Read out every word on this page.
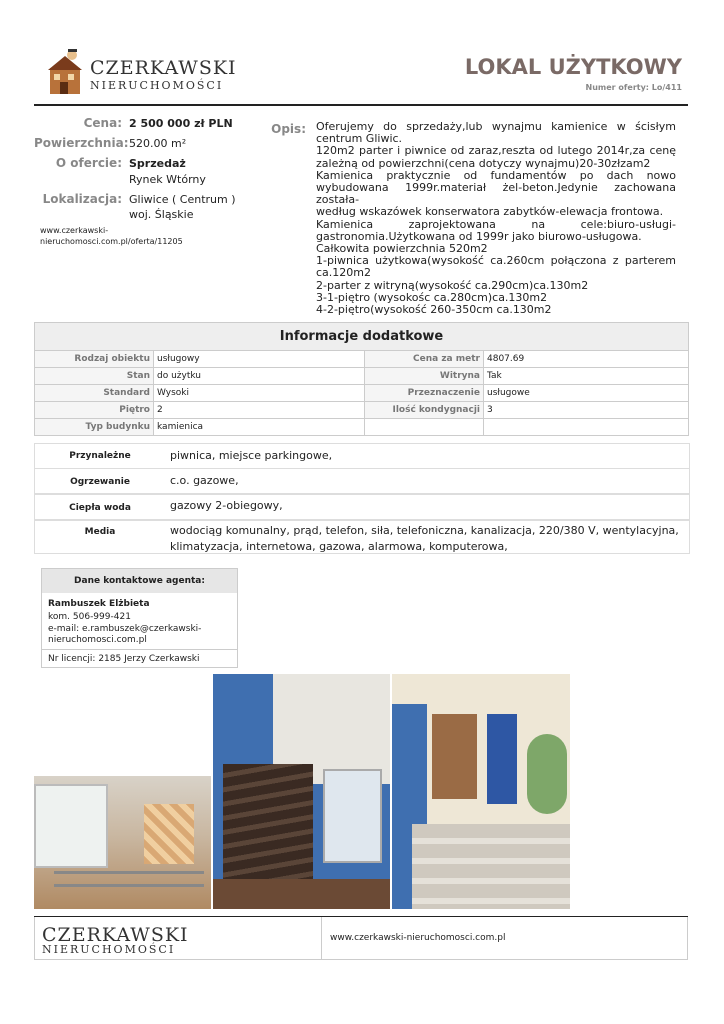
CZERKAWSKI
NIERUCHOMOŚCI
LOKAL UŻYTKOWY
Numer oferty: Lo/411
Cena: 2 500 000 zł PLN
Powierzchnia: 520.00 m²
O ofercie: Sprzedaż
Rynek Wtórny
Lokalizacja: Gliwice ( Centrum )
woj. Śląskie
www.czerkawski-
nieruchomosci.com.pl/oferta/11205
Opis: Oferujemy do sprzedaży,lub wynajmu kamienice w ścisłym
centrum Gliwic.
120m2 parter i piwnice od zaraz,reszta od lutego 2014r,za cenę
zależną od powierzchni(cena dotyczy wynajmu)20-30złzam2
Kamienica praktycznie od fundamentów po dach nowo
wybudowana 1999r.materiał żel-beton.Jedynie zachowana została-
według wskazówek konserwatora zabytków-elewacja frontowa.
Kamienica zaprojektowana na cele:biuro-usługi-
gastronomia.Użytkowana od 1999r jako biurowo-usługowa.
Całkowita powierzchnia 520m2
1-piwnica użytkowa(wysokość ca.260cm połączona z parterem
ca.120m2
2-parter z witryną(wysokość ca.290cm)ca.130m2
3-1-piętro (wysokośc ca.280cm)ca.130m2
4-2-piętro(wysokość 260-350cm ca.130m2
Informacje dodatkowe
Rodzaj obiektu	usługowy	Cena za metr	4807.69
Stan	do użytku	Witryna	Tak
Standard	Wysoki	Przeznaczenie	usługowe
Piętro	2	Ilość kondygnacji	3
Typ budynku	kamienica		
Przynależne	piwnica, miejsce parkingowe,
Ogrzewanie	c.o. gazowe,
Ciepła woda	gazowy 2-obiegowy,
Media	wodociąg komunalny, prąd, telefon, siła, telefoniczna, kanalizacja, 220/380 V, wentylacyjna, klimatyzacja, internetowa, gazowa, alarmowa, komputerowa,
Dane kontaktowe agenta:
Rambuszek Elżbieta
kom. 506-999-421
e-mail: e.rambuszek@czerkawski-
nieruchomosci.com.pl
Nr licencji: 2185 Jerzy Czerkawski
CZERKAWSKI
NIERUCHOMOŚCI
www.czerkawski-nieruchomosci.com.pl
